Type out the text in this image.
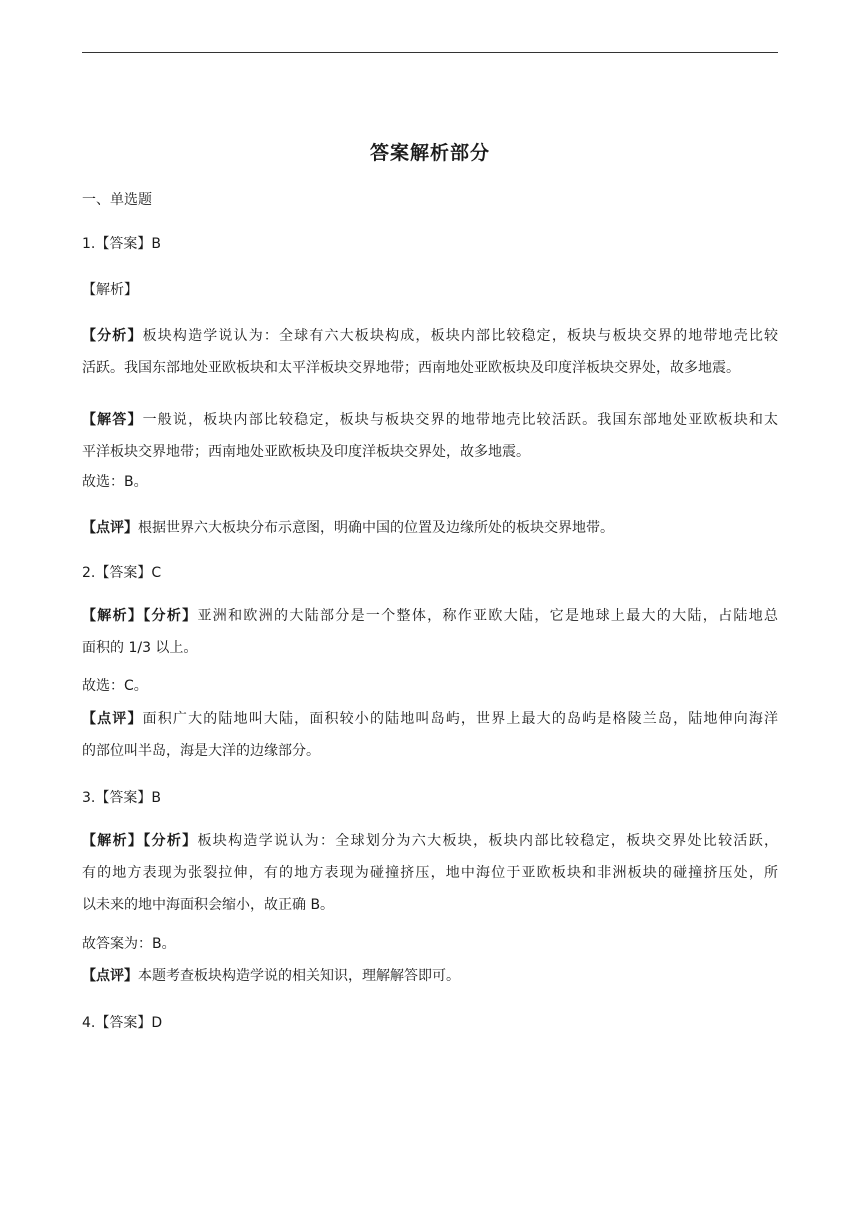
答案解析部分
一、单选题
1.【答案】B
【解析】
【分析】板块构造学说认为：全球有六大板块构成，板块内部比较稳定，板块与板块交界的地带地壳比较
活跃。我国东部地处亚欧板块和太平洋板块交界地带；西南地处亚欧板块及印度洋板块交界处，故多地震。
【解答】一般说，板块内部比较稳定，板块与板块交界的地带地壳比较活跃。我国东部地处亚欧板块和太
平洋板块交界地带；西南地处亚欧板块及印度洋板块交界处，故多地震。
故选：B。
【点评】根据世界六大板块分布示意图，明确中国的位置及边缘所处的板块交界地带。
2.【答案】C
【解析】【分析】亚洲和欧洲的大陆部分是一个整体，称作亚欧大陆，它是地球上最大的大陆，占陆地总
面积的 1/3 以上。
故选：C。
【点评】面积广大的陆地叫大陆，面积较小的陆地叫岛屿，世界上最大的岛屿是格陵兰岛，陆地伸向海洋
的部位叫半岛，海是大洋的边缘部分。
3.【答案】B
【解析】【分析】板块构造学说认为：全球划分为六大板块，板块内部比较稳定，板块交界处比较活跃，
有的地方表现为张裂拉伸，有的地方表现为碰撞挤压，地中海位于亚欧板块和非洲板块的碰撞挤压处，所
以未来的地中海面积会缩小，故正确 B。
故答案为：B。
【点评】本题考查板块构造学说的相关知识，理解解答即可。
4.【答案】D
